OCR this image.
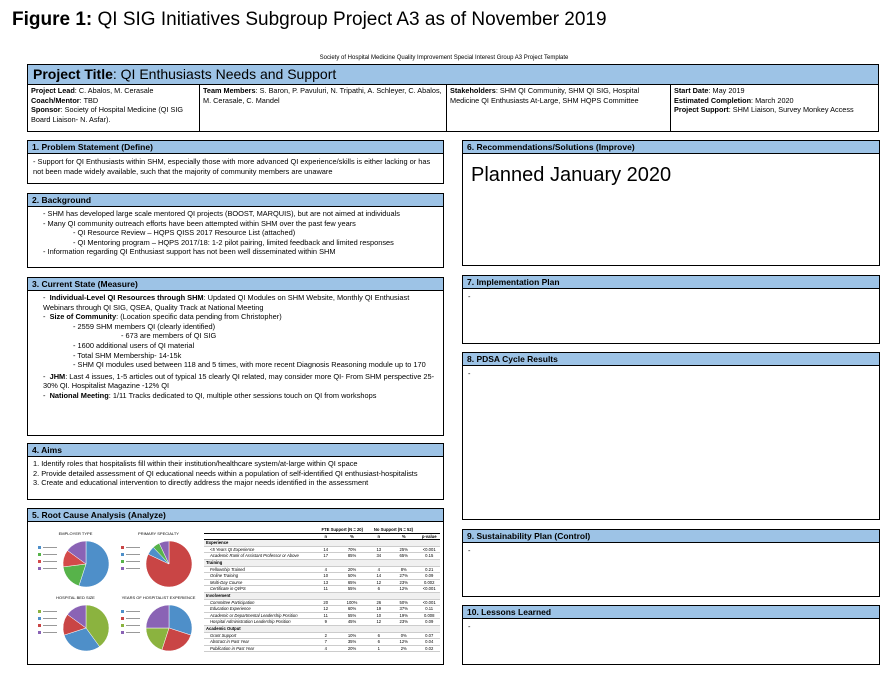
Figure 1: QI SIG Initiatives Subgroup Project A3 as of November 2019
Society of Hospital Medicine Quality Improvement Special Interest Group A3 Project Template
Project Title: QI Enthusiasts Needs and Support
Project Lead: C. Abalos, M. Cerasale
Coach/Mentor: TBD
Sponsor: Society of Hospital Medicine (QI SIG Board Liaison- N. Asfar).
Team Members: S. Baron, P. Pavuluri, N. Tripathi, A. Schleyer, C. Abalos, M. Cerasale, C. Mandel
Stakeholders: SHM QI Community, SHM QI SIG, Hospital Medicine QI Enthusiasts At-Large, SHM HQPS Committee
Start Date: May 2019
Estimated Completion: March 2020
Project Support: SHM Liaison, Survey Monkey Access
1. Problem Statement (Define)
- Support for QI Enthusiasts within SHM, especially those with more advanced QI experience/skills is either lacking or has not been made widely available, such that the majority of community members are unaware
2. Background
- SHM has developed large scale mentored QI projects (BOOST, MARQUIS), but are not aimed at individuals
- Many QI community outreach efforts have been attempted within SHM over the past few years
- QI Resource Review – HQPS QISS 2017 Resource List (attached)
- QI Mentoring program – HQPS 2017/18: 1-2 pilot pairing, limited feedback and limited responses
- Information regarding QI Enthusiast support has not been well disseminated within SHM
3. Current State (Measure)
-  Individual-Level QI Resources through SHM: Updated QI Modules on SHM Website, Monthly QI Enthusiast Webinars through QI SIG, QSEA, Quality Track at National Meeting
-  Size of Community: (Location specific data pending from Christopher)
- 2559 SHM members QI (clearly identified)
- 673 are members of QI SIG
- 1600 additional users of QI material
- Total SHM Membership- 14-15k
- SHM QI modules used between 118 and 5 times, with more recent Diagnosis Reasoning module up to 170
-  JHM: Last 4 issues, 1-5 articles out of typical 15 clearly QI related, may consider more QI- From SHM perspective 25-30% QI. Hospitalist Magazine -12% QI
-  National Meeting: 1/11 Tracks dedicated to QI, multiple other sessions touch on QI from workshops
4. Aims
1. Identify roles that hospitalists fill within their institution/healthcare system/at-large within QI space
2. Provide detailed assessment of QI educational needs within a population of self-identified QI enthusiast-hospitalists
3. Create and educational intervention to directly address the major needs identified in the assessment
5. Root Cause Analysis (Analyze)
EMPLOYER TYPE	PRIMARY SPECIALTY
HOSPITAL BED SIZE	YEARS OF HOSPITALIST EXPERIENCE
	FTE Support (N = 20)		No Support (N = 52)		
	n	%	n	%	p-value
Experience					
<5 Years QI Experience	14	70%	13	25%	<0.001
Academic Rank of Assistant Professor or Above	17	85%	34	65%	0.15
Training					
Fellowship Trained	4	20%	4	8%	0.21
Online Training	10	50%	14	27%	0.09
Multi-Day Course	13	65%	12	23%	0.002
Certificate in QI/PS	11	55%	6	12%	<0.001
Involvement					
Committee Participation	20	100%	26	50%	<0.001
Education Experience	12	60%	19	37%	0.11
Academic or Departmental Leadership Position	11	55%	10	19%	0.008
Hospital Administration Leadership Position	9	45%	12	23%	0.09
Academic Output					
Grant Support	2	10%	6	0%	0.07
Abstract in Past Year	7	35%	6	12%	0.04
Publication in Past Year	4	20%	1	2%	0.02
6. Recommendations/Solutions (Improve)
Planned January 2020
7. Implementation Plan
-
8. PDSA Cycle Results
-
9. Sustainability Plan (Control)
-
10. Lessons Learned
-
